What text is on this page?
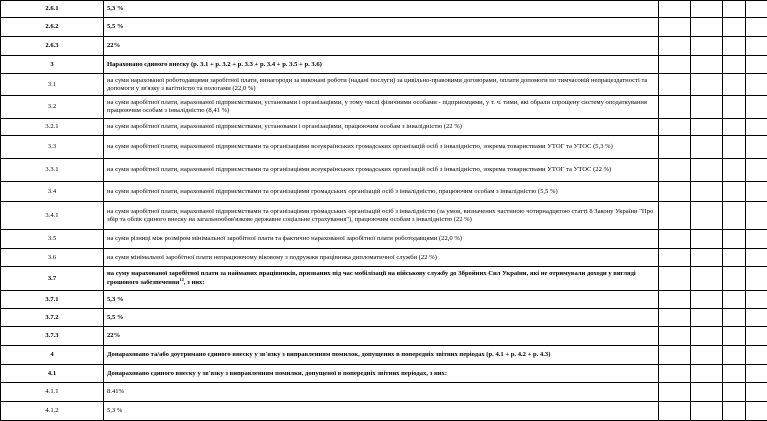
2.6.1	5,3 %				
2.6.2	5,5 %				
2.6.3	22%				
3	Нараховано єдиного внеску (р. 3.1 + р. 3.2 + р. 3.3 + р. 3.4 + р. 3.5 + р. 3.6)				
3.1	на суми нарахованої роботодавцями заробітної плати, винагороди за виконані роботи (надані послуги) за цивільно-правовими договорами, оплати допомоги по тимчасовій непрацездатності та допомоги у зв'язку з вагітністю та пологами (22,0 %)				
3.2	на суми заробітної плати, нарахованої підприємствами, установами і організаціями, у тому числі фізичними особами - підприємцями, у т. ч. тими, які обрали спрощену систему оподаткування працюючим особам з інвалідністю (8,41 %)				
3.2.1	на суми заробітної плати, нарахованої підприємствами, установами і організаціями, працюючим особам з інвалідністю (22 %)				
3.3	на суми заробітної плати, нарахованої підприємствами та організаціями всеукраїнських громадських організацій осіб з інвалідністю, зокрема товариствами УТОГ та УТОС (5,3 %)				
3.3.1	на суми заробітної плати, нарахованої підприємствами та організаціями всеукраїнських громадських організацій осіб з інвалідністю, зокрема товариствами УТОГ та УТОС (22 %)				
3.4	на суми заробітної плати, нарахованої підприємствами та організаціями громадських організацій осіб з інвалідністю, працюючим особам з інвалідністю (5,5 %)				
3.4.1	на суми заробітної плати, нарахованої підприємствами та організаціями громадських організацій осіб з інвалідністю (за умов, визначених частиною чотирнадцятою статті 8 Закону України "Про збір та облік єдиного внеску на загальнообов'язкове державне соціальне страхування"), працюючим особам з інвалідністю (22 %)				
3.5	на суми різниці між розміром мінімальної заробітної плати та фактично нарахованої заробітної плати роботодавцями (22,0 %)				
3.6	на суми мінімальної заробітної плати непрацюючому віковому з подружжя працівника дипломатичної служби (22 %)				
3.7	на суму нарахованої заробітної плати за найманих працівників, призваних під час мобілізації на військову службу до Збройних Сил України, які не отримували доходи у вигляді грошового забезпечення$^{12}$, з них:				
3.7.1	5,3 %				
3.7.2	5,5 %				
3.7.3	22%				
4	Донараховано та/або доутримано єдиного внеску у зв'язку з виправленням помилок, допущених в попередніх звітних періодах (р. 4.1 + р. 4.2 + р. 4.3)				
4.1	Донараховано єдиного внеску у зв'язку з виправленням помилки, допущеної в попередніх звітних періодах, з них:				
4.1.1	8.41%				
4.1.2	5,3 %				
